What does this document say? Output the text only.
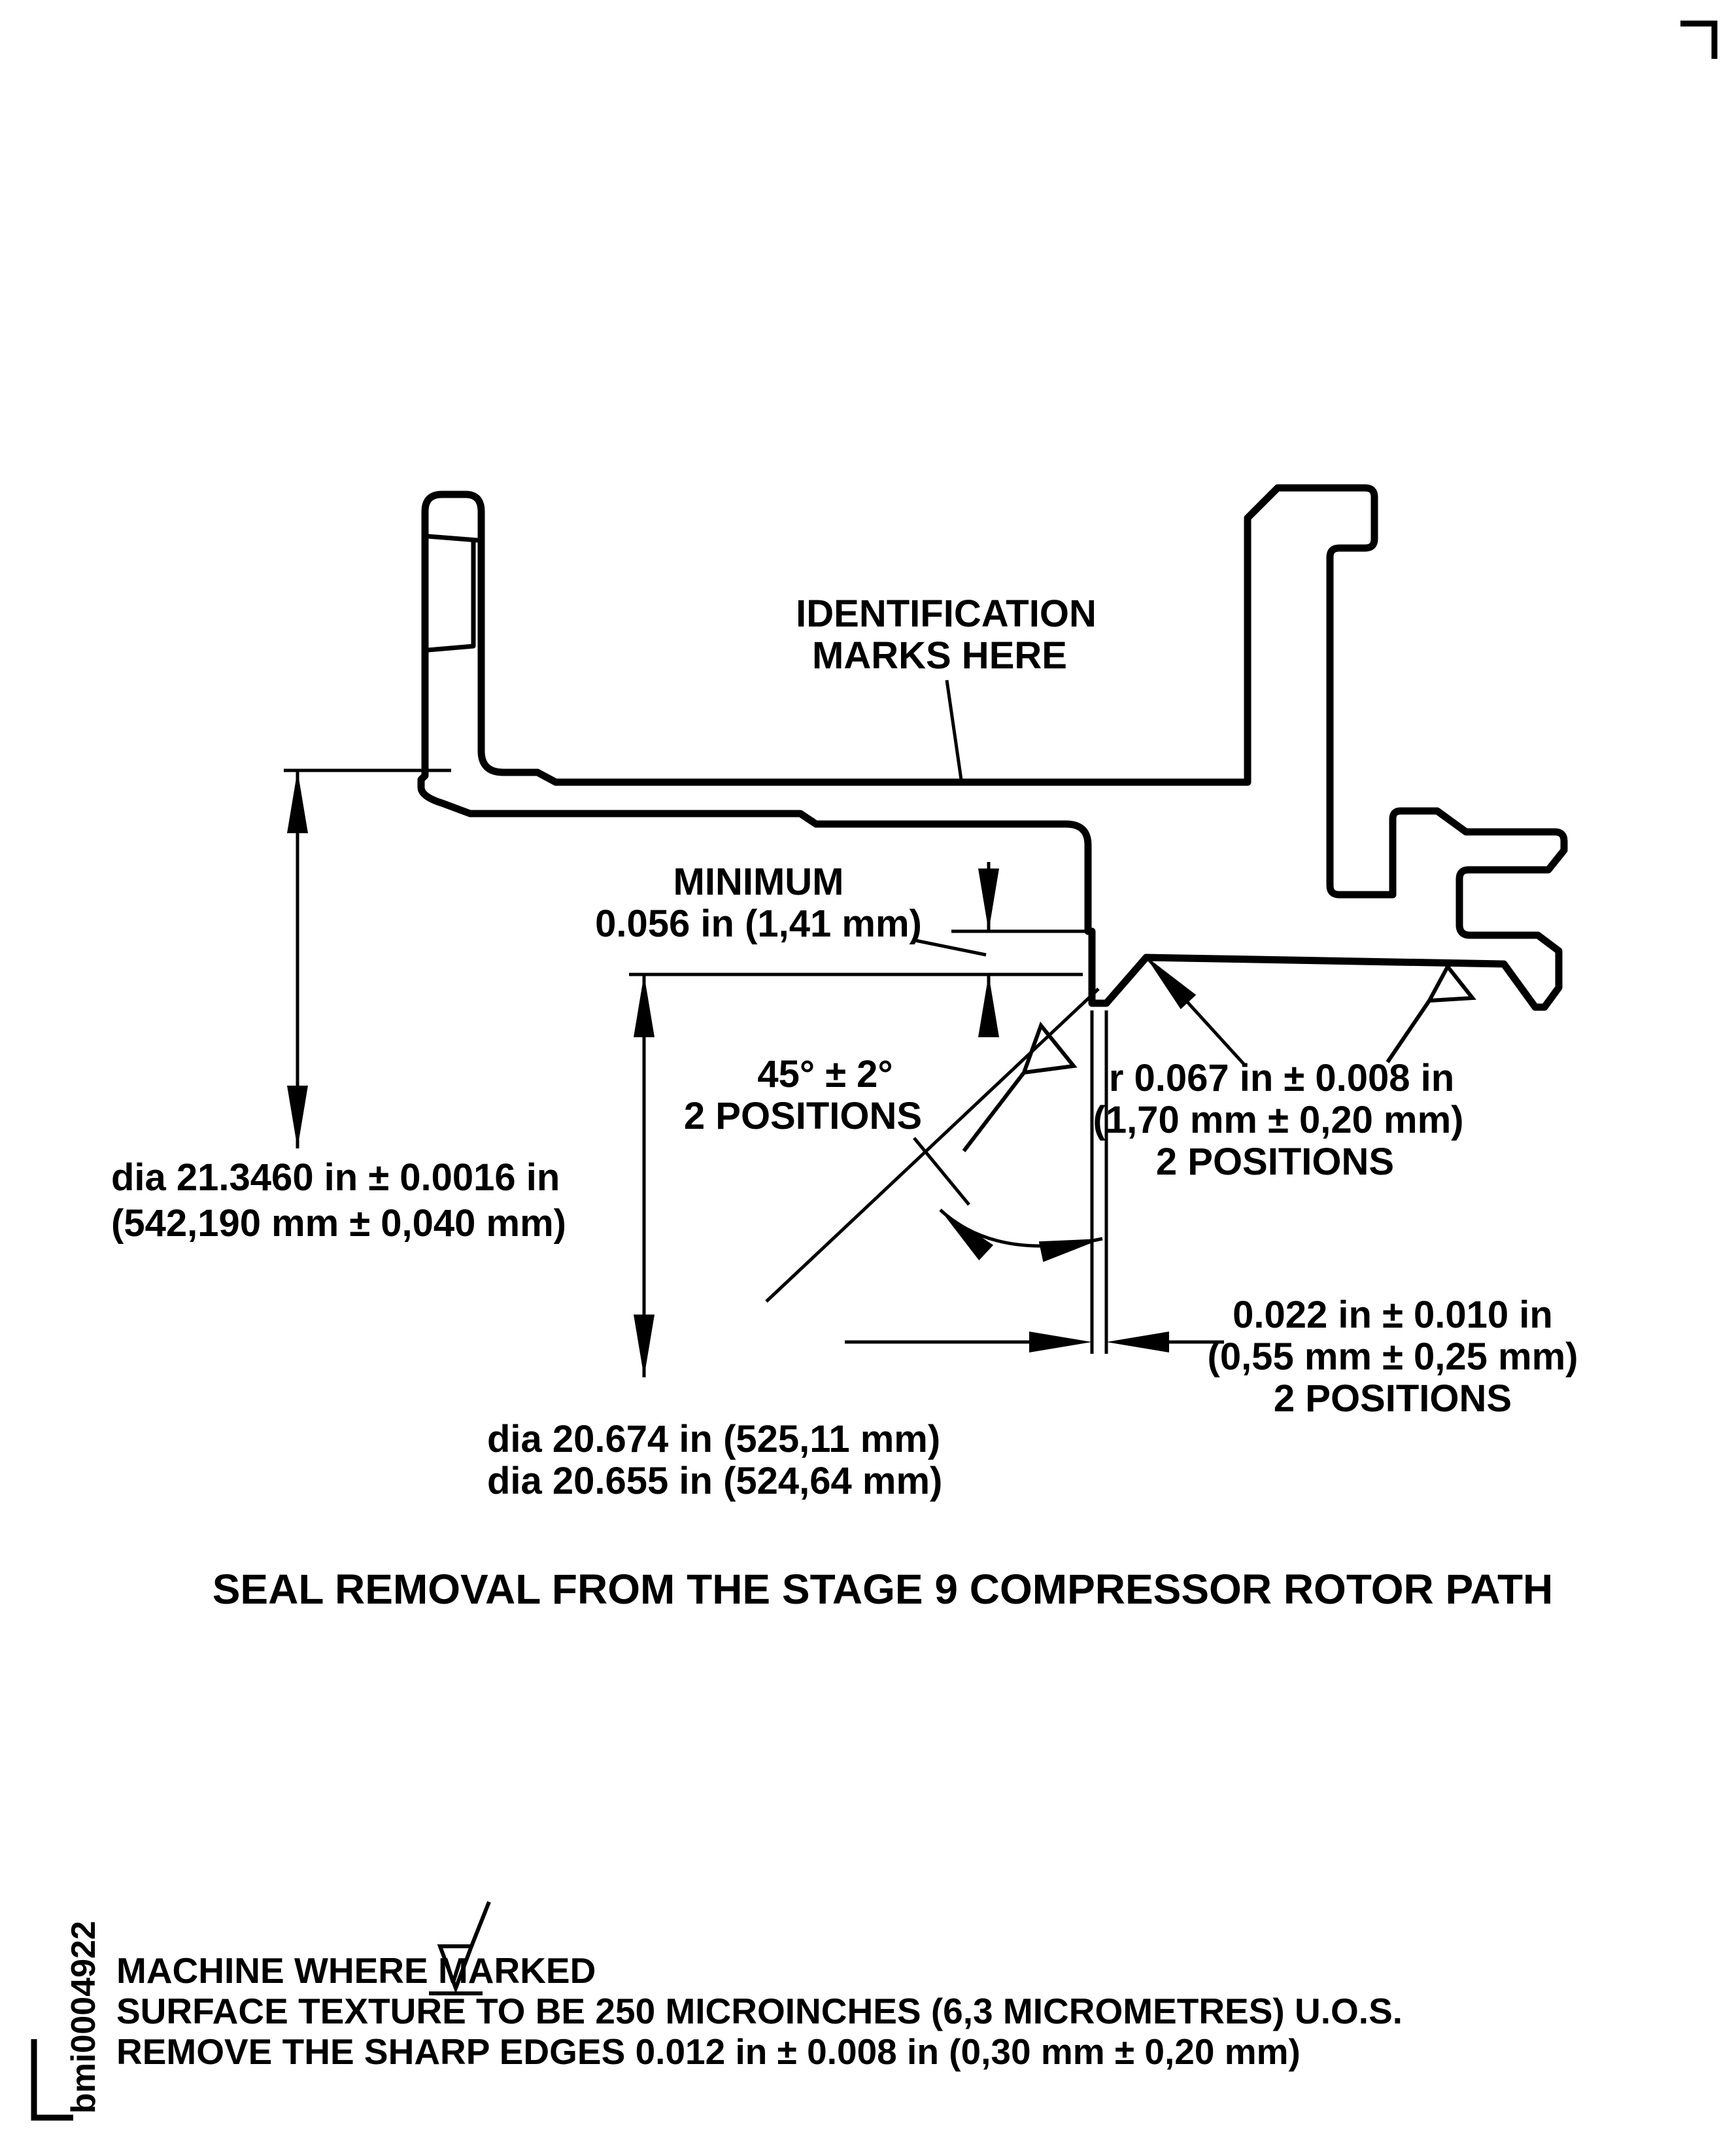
IDENTIFICATION
MARKS HERE
dia 21.3460 in ± 0.0016 in
(542,190 mm ± 0,040 mm)
dia 20.674 in (525,11 mm)
dia 20.655 in (524,64 mm)
MINIMUM
0.056 in (1,41 mm)
45° ± 2°
2 POSITIONS
r 0.067 in ± 0.008 in
(1,70 mm ± 0,20 mm)
2 POSITIONS
0.022 in ± 0.010 in
(0,55 mm ± 0,25 mm)
2 POSITIONS
SEAL REMOVAL FROM THE STAGE 9 COMPRESSOR ROTOR PATH
MACHINE WHERE MARKED
SURFACE TEXTURE TO BE 250 MICROINCHES (6,3 MICROMETRES) U.O.S.
REMOVE THE SHARP EDGES 0.012 in ± 0.008 in (0,30 mm ± 0,20 mm)
bmi0004922
